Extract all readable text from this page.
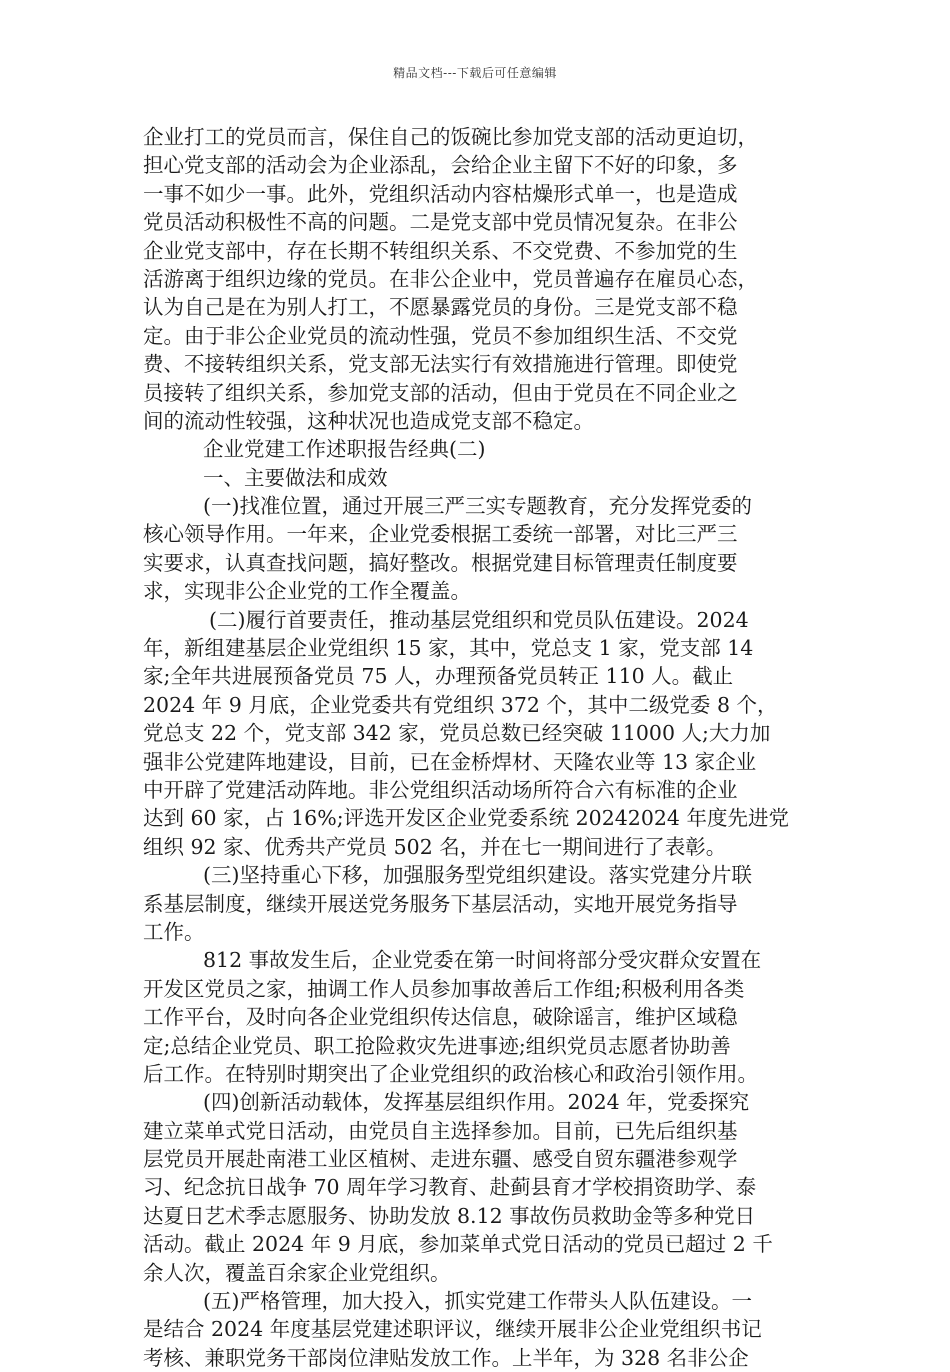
精品文档---下载后可任意编辑
企业打工的党员而言，保住自己的饭碗比参加党支部的活动更迫切，
担心党支部的活动会为企业添乱，会给企业主留下不好的印象，多
一事不如少一事。此外，党组织活动内容枯燥形式单一，也是造成
党员活动积极性不高的问题。二是党支部中党员情况复杂。在非公
企业党支部中，存在长期不转组织关系、不交党费、不参加党的生
活游离于组织边缘的党员。在非公企业中，党员普遍存在雇员心态，
认为自己是在为别人打工，不愿暴露党员的身份。三是党支部不稳
定。由于非公企业党员的流动性强，党员不参加组织生活、不交党
费、不接转组织关系，党支部无法实行有效措施进行管理。即使党
员接转了组织关系，参加党支部的活动，但由于党员在不同企业之
间的流动性较强，这种状况也造成党支部不稳定。
企业党建工作述职报告经典(二)
一、主要做法和成效
(一)找准位置，通过开展三严三实专题教育，充分发挥党委的
核心领导作用。一年来，企业党委根据工委统一部署，对比三严三
实要求，认真查找问题，搞好整改。根据党建目标管理责任制度要
求，实现非公企业党的工作全覆盖。
(二)履行首要责任，推动基层党组织和党员队伍建设。2024
年，新组建基层企业党组织 15 家，其中，党总支 1 家，党支部 14
家;全年共进展预备党员 75 人，办理预备党员转正 110 人。截止
2024 年 9 月底，企业党委共有党组织 372 个，其中二级党委 8 个，
党总支 22 个，党支部 342 家，党员总数已经突破 11000 人;大力加
强非公党建阵地建设，目前，已在金桥焊材、天隆农业等 13 家企业
中开辟了党建活动阵地。非公党组织活动场所符合六有标准的企业
达到 60 家，占 16%;评选开发区企业党委系统 20242024 年度先进党
组织 92 家、优秀共产党员 502 名，并在七一期间进行了表彰。
(三)坚持重心下移，加强服务型党组织建设。落实党建分片联
系基层制度，继续开展送党务服务下基层活动，实地开展党务指导
工作。
812 事故发生后，企业党委在第一时间将部分受灾群众安置在
开发区党员之家，抽调工作人员参加事故善后工作组;积极利用各类
工作平台，及时向各企业党组织传达信息，破除谣言，维护区域稳
定;总结企业党员、职工抢险救灾先进事迹;组织党员志愿者协助善
后工作。在特别时期突出了企业党组织的政治核心和政治引领作用。
(四)创新活动载体，发挥基层组织作用。2024 年，党委探究
建立菜单式党日活动，由党员自主选择参加。目前，已先后组织基
层党员开展赴南港工业区植树、走进东疆、感受自贸东疆港参观学
习、纪念抗日战争 70 周年学习教育、赴蓟县育才学校捐资助学、泰
达夏日艺术季志愿服务、协助发放 8.12 事故伤员救助金等多种党日
活动。截止 2024 年 9 月底，参加菜单式党日活动的党员已超过 2 千
余人次，覆盖百余家企业党组织。
(五)严格管理，加大投入，抓实党建工作带头人队伍建设。一
是结合 2024 年度基层党建述职评议，继续开展非公企业党组织书记
考核、兼职党务干部岗位津贴发放工作。上半年，为 328 名非公企
